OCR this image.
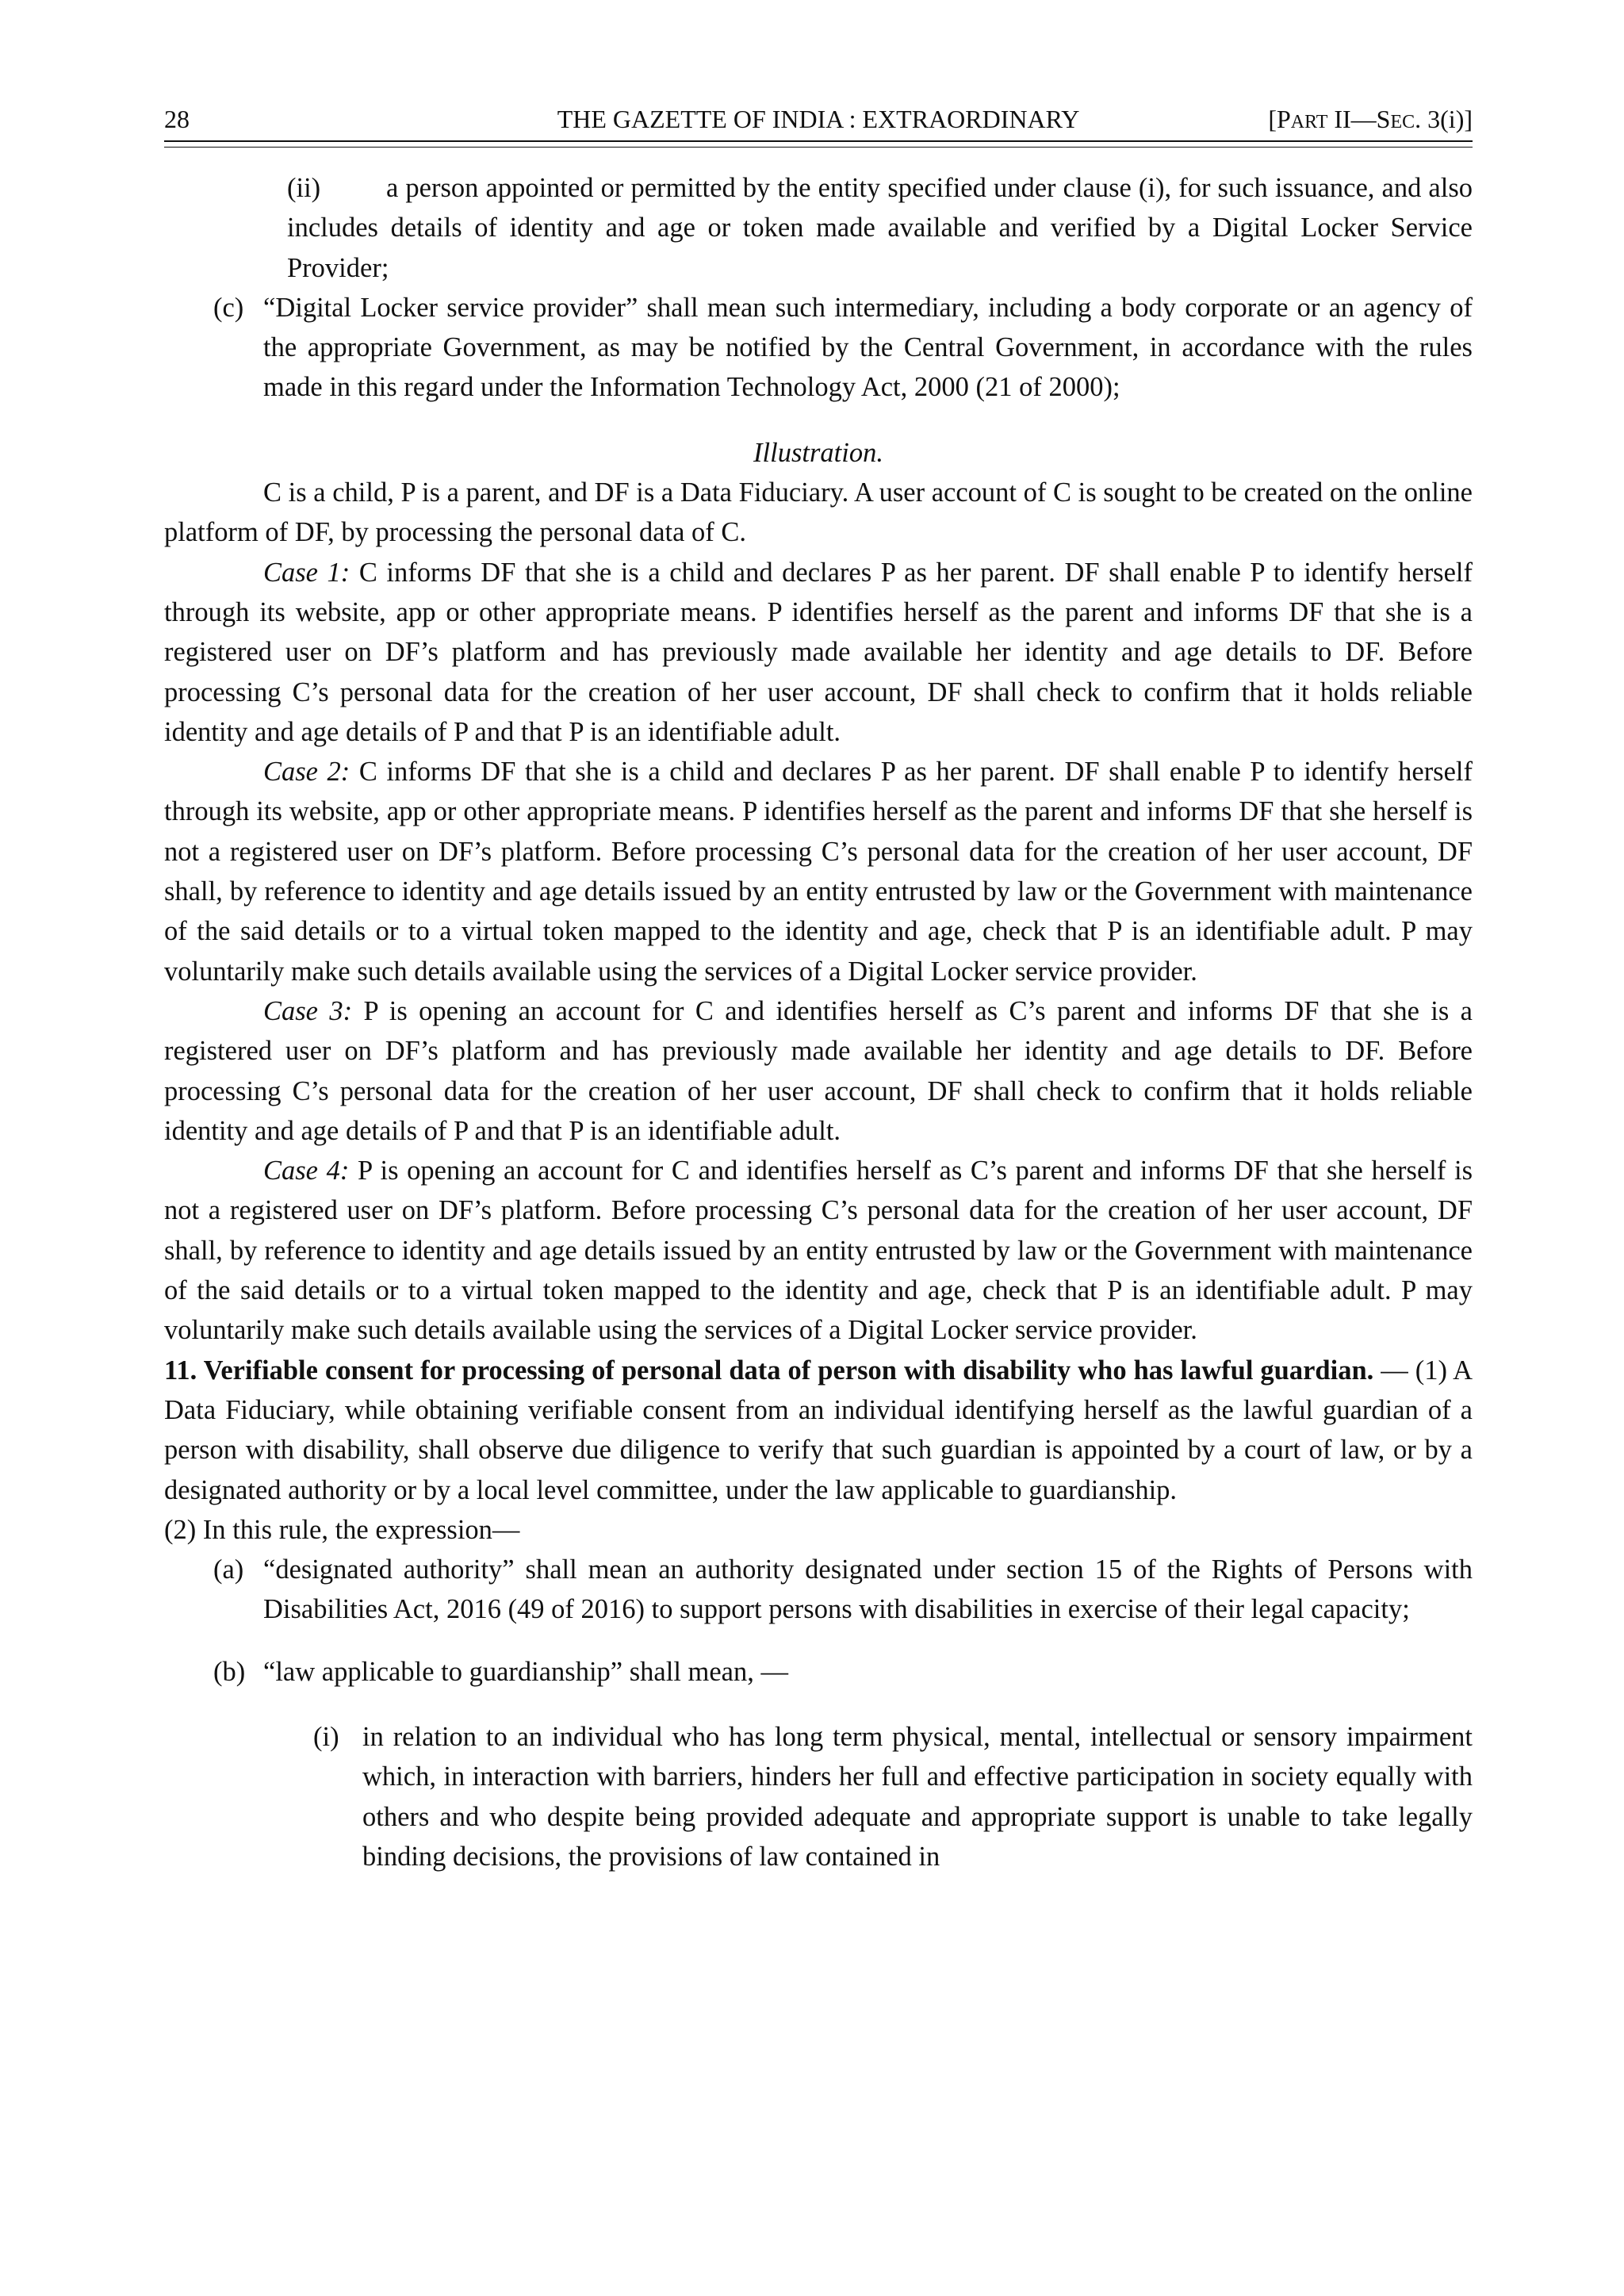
28	THE GAZETTE OF INDIA : EXTRAORDINARY	[PART II—SEC. 3(i)]
(ii)	a person appointed or permitted by the entity specified under clause (i), for such issuance, and also includes details of identity and age or token made available and verified by a Digital Locker Service Provider;
(c) “Digital Locker service provider” shall mean such intermediary, including a body corporate or an agency of the appropriate Government, as may be notified by the Central Government, in accordance with the rules made in this regard under the Information Technology Act, 2000 (21 of 2000);
Illustration.
C is a child, P is a parent, and DF is a Data Fiduciary. A user account of C is sought to be created on the online platform of DF, by processing the personal data of C.
Case 1: C informs DF that she is a child and declares P as her parent. DF shall enable P to identify herself through its website, app or other appropriate means. P identifies herself as the parent and informs DF that she is a registered user on DF’s platform and has previously made available her identity and age details to DF. Before processing C’s personal data for the creation of her user account, DF shall check to confirm that it holds reliable identity and age details of P and that P is an identifiable adult.
Case 2: C informs DF that she is a child and declares P as her parent. DF shall enable P to identify herself through its website, app or other appropriate means. P identifies herself as the parent and informs DF that she herself is not a registered user on DF’s platform. Before processing C’s personal data for the creation of her user account, DF shall, by reference to identity and age details issued by an entity entrusted by law or the Government with maintenance of the said details or to a virtual token mapped to the identity and age, check that P is an identifiable adult. P may voluntarily make such details available using the services of a Digital Locker service provider.
Case 3: P is opening an account for C and identifies herself as C’s parent and informs DF that she is a registered user on DF’s platform and has previously made available her identity and age details to DF. Before processing C’s personal data for the creation of her user account, DF shall check to confirm that it holds reliable identity and age details of P and that P is an identifiable adult.
Case 4: P is opening an account for C and identifies herself as C’s parent and informs DF that she herself is not a registered user on DF’s platform. Before processing C’s personal data for the creation of her user account, DF shall, by reference to identity and age details issued by an entity entrusted by law or the Government with maintenance of the said details or to a virtual token mapped to the identity and age, check that P is an identifiable adult. P may voluntarily make such details available using the services of a Digital Locker service provider.
11. Verifiable consent for processing of personal data of person with disability who has lawful guardian. — (1) A Data Fiduciary, while obtaining verifiable consent from an individual identifying herself as the lawful guardian of a person with disability, shall observe due diligence to verify that such guardian is appointed by a court of law, or by a designated authority or by a local level committee, under the law applicable to guardianship.
(2) In this rule, the expression—
(a) “designated authority” shall mean an authority designated under section 15 of the Rights of Persons with Disabilities Act, 2016 (49 of 2016) to support persons with disabilities in exercise of their legal capacity;
(b) “law applicable to guardianship” shall mean, —
(i) in relation to an individual who has long term physical, mental, intellectual or sensory impairment which, in interaction with barriers, hinders her full and effective participation in society equally with others and who despite being provided adequate and appropriate support is unable to take legally binding decisions, the provisions of law contained in
